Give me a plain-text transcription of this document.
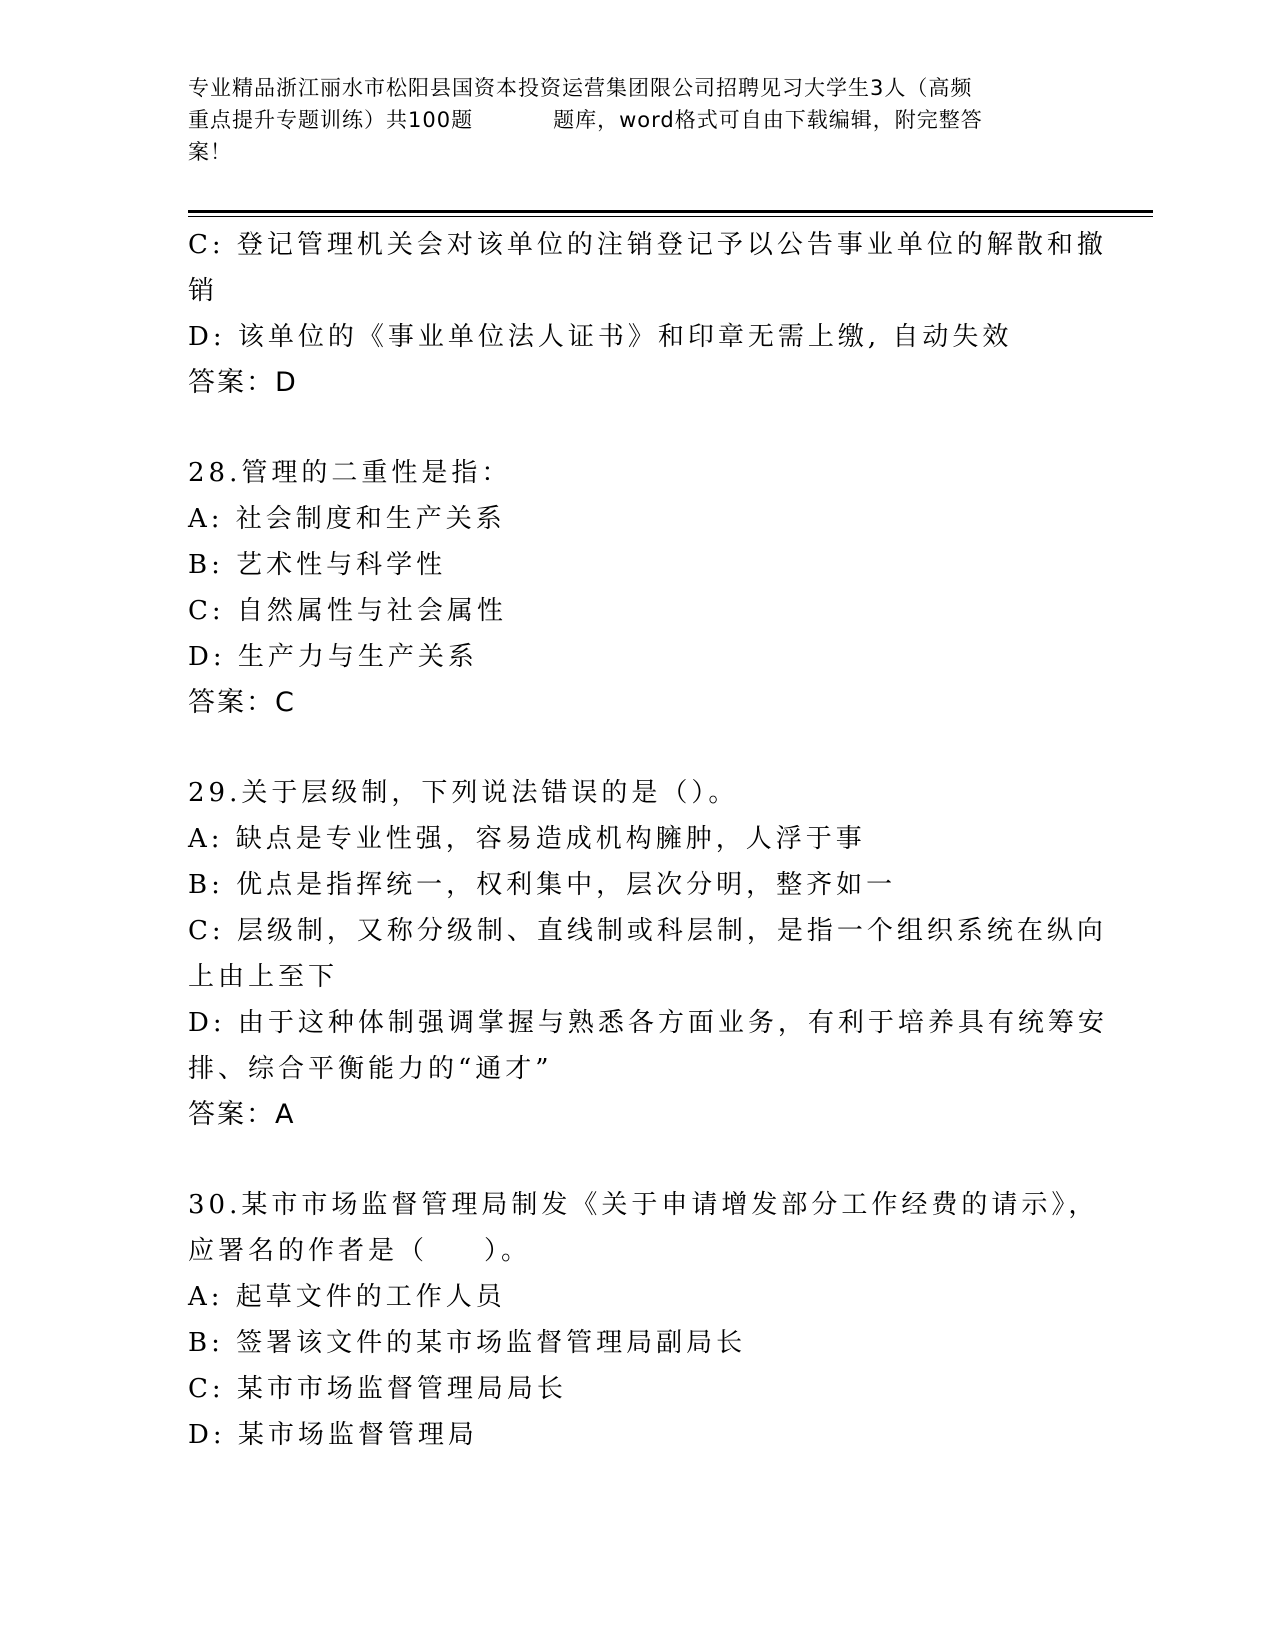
专业精品浙江丽水市松阳县国资本投资运营集团限公司招聘见习大学生3人（高频
重点提升专题训练）共100题	题库，word格式可自由下载编辑，附完整答
案！
C: 登记管理机关会对该单位的注销登记予以公告事业单位的解散和撤
销
D: 该单位的《事业单位法人证书》和印章无需上缴, 自动失效
答案：D
28.管理的二重性是指：
A: 社会制度和生产关系
B: 艺术性与科学性
C: 自然属性与社会属性
D: 生产力与生产关系
答案：C
29.关于层级制，下列说法错误的是（）。
A: 缺点是专业性强，容易造成机构臃肿，人浮于事
B: 优点是指挥统一，权利集中，层次分明，整齐如一
C: 层级制，又称分级制、直线制或科层制，是指一个组织系统在纵向
上由上至下
D: 由于这种体制强调掌握与熟悉各方面业务，有利于培养具有统筹安
排、综合平衡能力的“通才”
答案：A
30.某市市场监督管理局制发《关于申请增发部分工作经费的请示》，
应署名的作者是（ ）。
A: 起草文件的工作人员
B: 签署该文件的某市场监督管理局副局长
C: 某市市场监督管理局局长
D: 某市场监督管理局
